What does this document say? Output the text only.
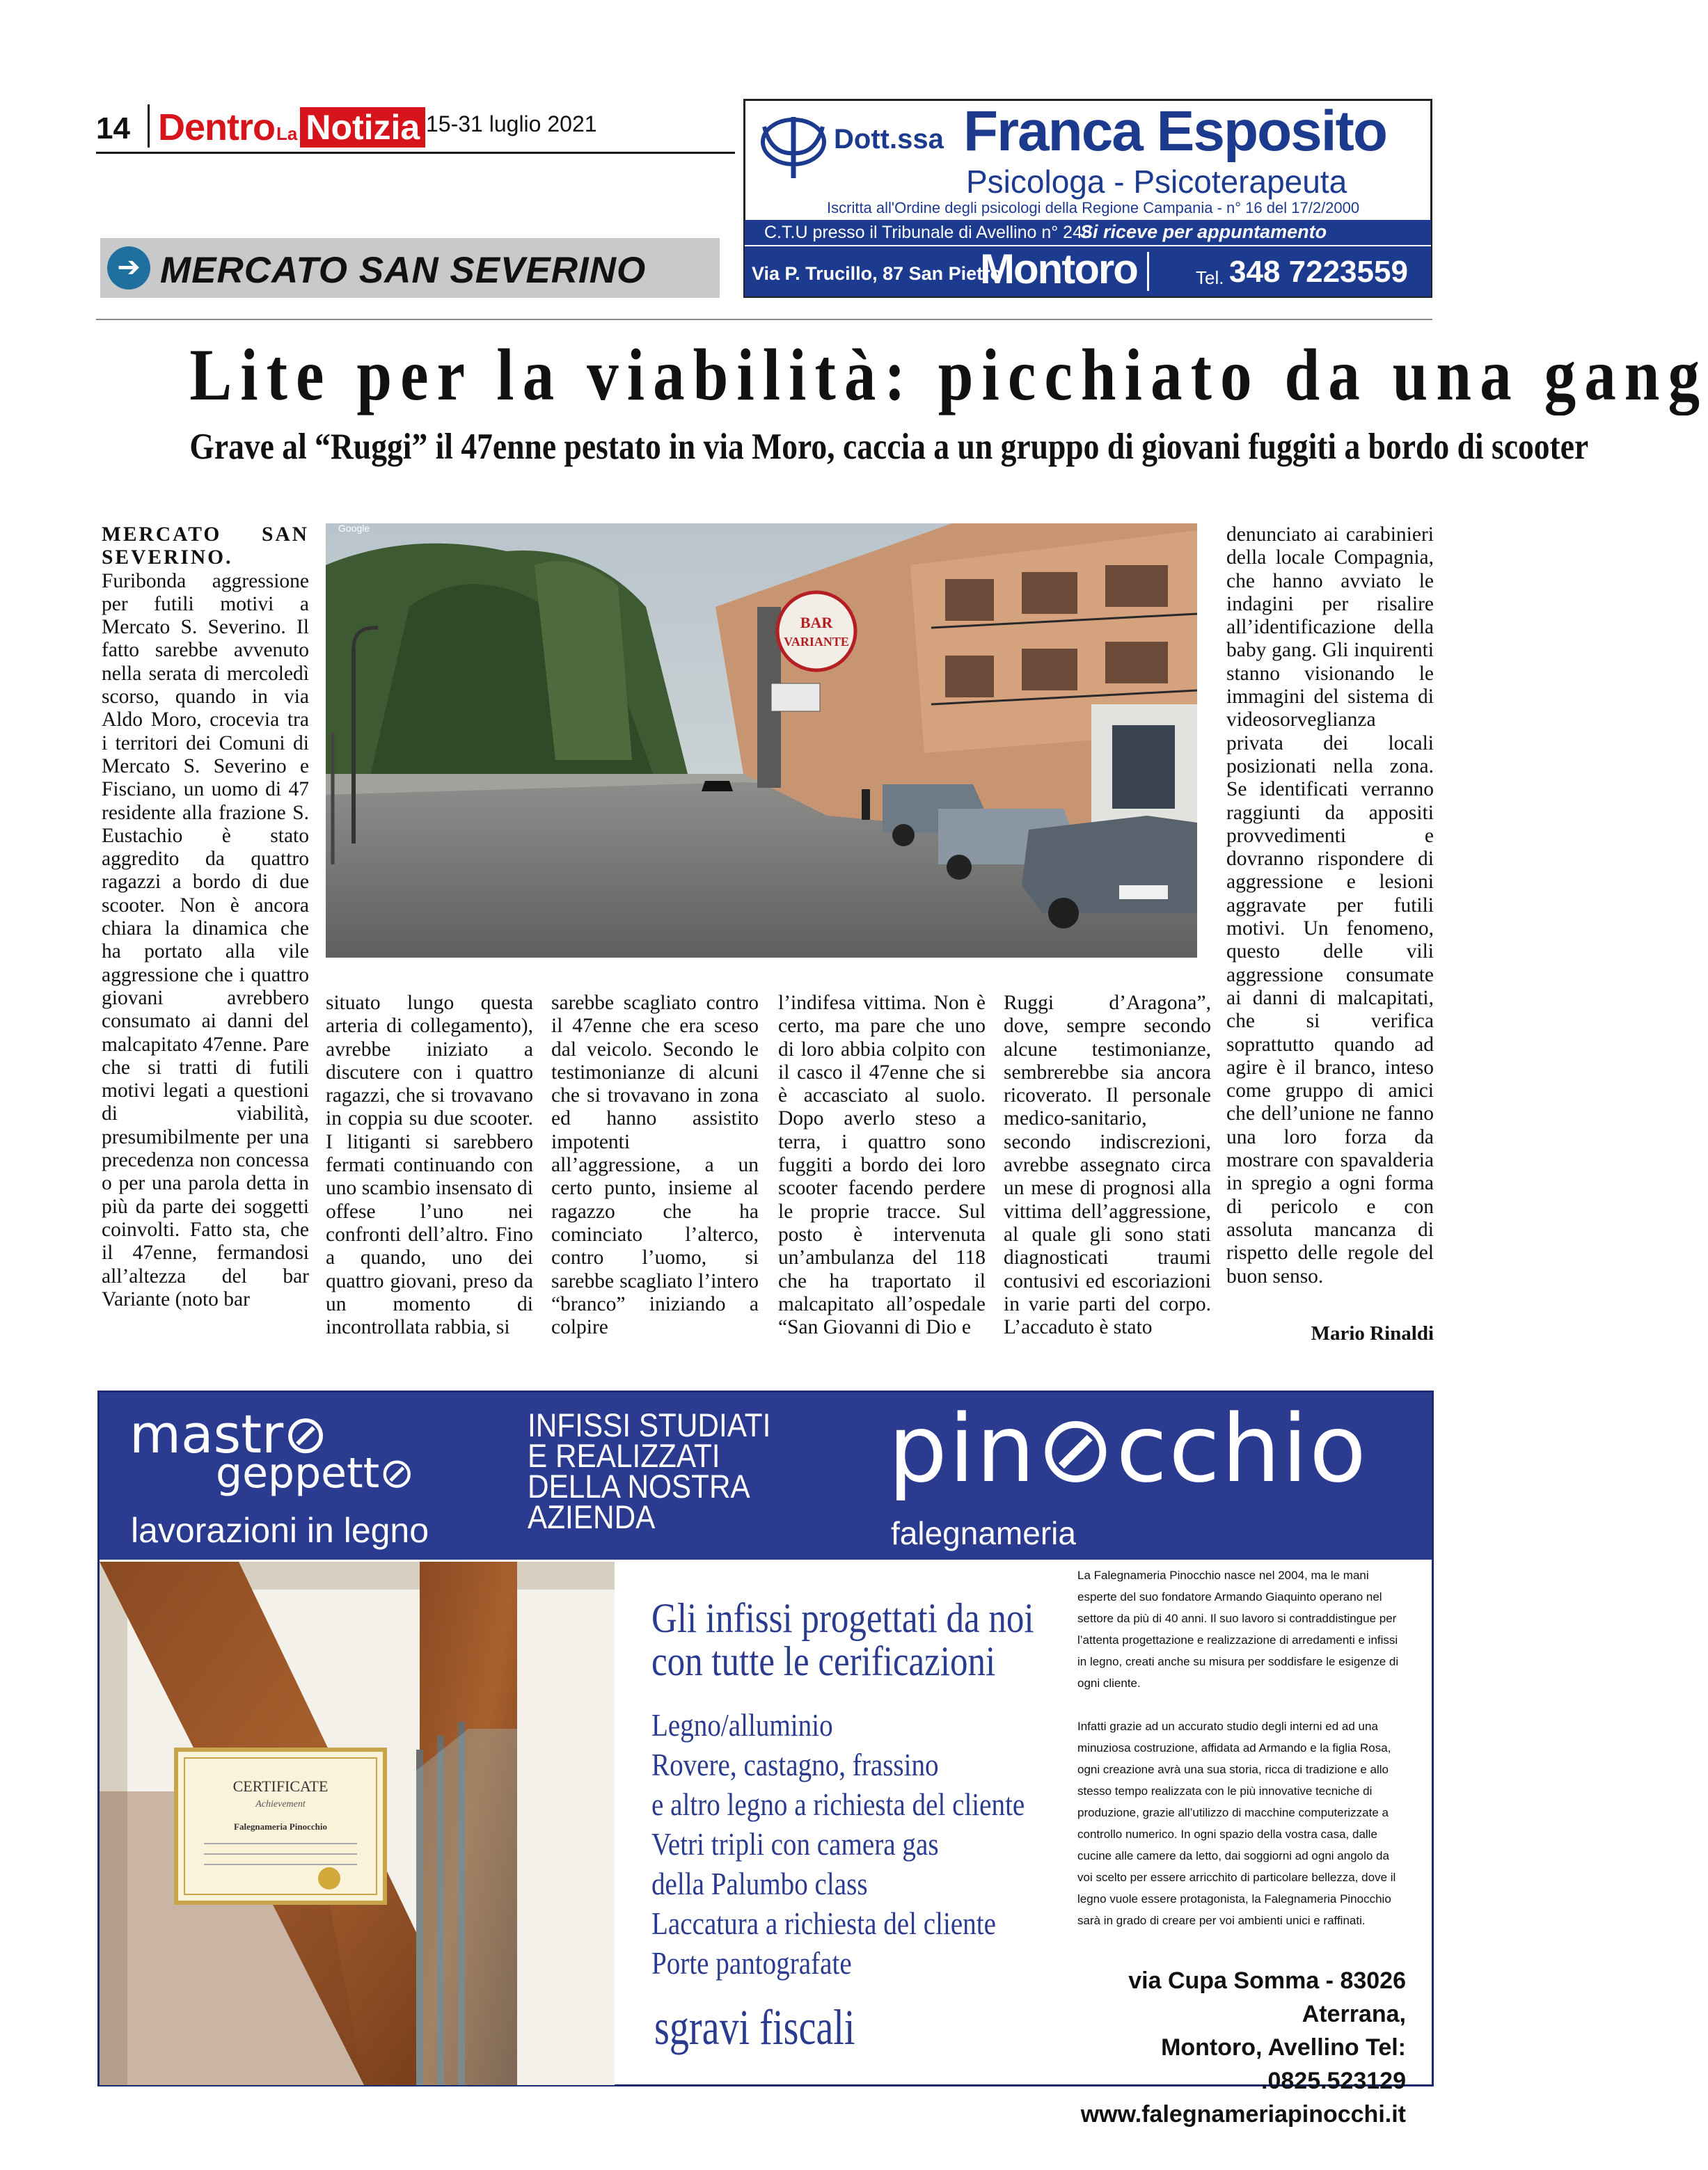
14 Dentro La Notizia 15-31 luglio 2021
➔ MERCATO SAN SEVERINO
Dott.ssa Franca Esposito
Psicologa - Psicoterapeuta
Iscritta all'Ordine degli psicologi della Regione Campania - n° 16 del 17/2/2000
C.T.U presso il Tribunale di Avellino n° 248
Si riceve per appuntamento
Via P. Trucillo, 87 San Pietro
Montoro	Tel. 348 7223559
Lite per la viabilità: picchiato da una gang
Grave al “Ruggi” il 47enne pestato in via Moro, caccia a un gruppo di giovani fuggiti a bordo di scooter
BAR
VARIANTE
Google
MERCATO SAN SEVERINO. Furibonda aggressione per futili motivi a Mercato S. Severino. Il fatto sarebbe avvenuto nella serata di mercoledì scorso, quando in via Aldo Moro, crocevia tra i territori dei Comuni di Mercato S. Severino e Fisciano, un uomo di 47 residente alla frazione S. Eustachio è stato aggredito da quattro ragazzi a bordo di due scooter. Non è ancora chiara la dinamica che ha portato alla vile aggressione che i quattro giovani avrebbero consumato ai danni del malcapitato 47enne. Pare che si tratti di futili motivi legati a questioni di viabilità, presumibilmente per una precedenza non concessa o per una parola detta in più da parte dei soggetti coinvolti. Fatto sta, che il 47enne, fermandosi all’altezza del bar Variante (noto bar
situato lungo questa arteria di collegamento), avrebbe iniziato a discutere con i quattro ragazzi, che si trovavano in coppia su due scooter. I litiganti si sarebbero fermati continuando con uno scambio insensato di offese l’uno nei confronti dell’altro. Fino a quando, uno dei quattro giovani, preso da un momento di incontrollata rabbia, si
sarebbe scagliato contro il 47enne che era sceso dal veicolo. Secondo le testimonianze di alcuni che si trovavano in zona ed hanno assistito impotenti all’aggressione, a un certo punto, insieme al ragazzo che ha cominciato l’alterco, contro l’uomo, si sarebbe scagliato l’intero “branco” iniziando a colpire
l’indifesa vittima. Non è certo, ma pare che uno di loro abbia colpito con il casco il 47enne che si è accasciato al suolo. Dopo averlo steso a terra, i quattro sono fuggiti a bordo dei loro scooter facendo perdere le proprie tracce. Sul posto è intervenuta un’ambulanza del 118 che ha traportato il malcapitato all’ospedale “San Giovanni di Dio e
Ruggi d’Aragona”, dove, sempre secondo alcune testimonianze, sembrerebbe sia ancora ricoverato. Il personale medico-sanitario, secondo indiscrezioni, avrebbe assegnato circa un mese di prognosi alla vittima dell’aggressione, al quale gli sono stati diagnosticati traumi contusivi ed escoriazioni in varie parti del corpo. L’accaduto è stato
denunciato ai carabinieri della locale Compagnia, che hanno avviato le indagini per risalire all’identificazione della baby gang. Gli inquirenti stanno visionando le immagini del sistema di videosorveglianza privata dei locali posizionati nella zona. Se identificati verranno raggiunti da appositi provvedimenti e dovranno rispondere di aggressione e lesioni aggravate per futili motivi. Un fenomeno, questo delle vili aggressione consumate ai danni di malcapitati, che si verifica soprattutto quando ad agire è il branco, inteso come gruppo di amici che dell’unione ne fanno una loro forza da mostrare con spavalderia in spregio a ogni forma di pericolo e con assoluta mancanza di rispetto delle regole del buon senso.
Mario Rinaldi
mastr⊘
geppett⊘
lavorazioni in legno
INFISSI STUDIATI E REALIZZATI DELLA NOSTRA AZIENDA
pin⊘cchio
falegnameria
CERTIFICATE
Achievement
Falegnameria Pinocchio
Gli infissi progettati da noi con tutte le cerificazioni
Legno/alluminio
Rovere, castagno, frassino
e altro legno a richiesta del cliente
Vetri tripli con camera gas
della Palumbo class
Laccatura a richiesta del cliente
Porte pantografate
sgravi fiscali

La Falegnameria Pinocchio nasce nel 2004, ma le mani esperte del suo fondatore Armando Giaquinto operano nel settore da più di 40 anni. Il suo lavoro si contraddistingue per l’attenta progettazione e realizzazione di arredamenti e infissi in legno, creati anche su misura per soddisfare le esigenze di ogni cliente.

Infatti grazie ad un accurato studio degli interni ed ad una minuziosa costruzione, affidata ad Armando e la figlia Rosa, ogni creazione avrà una sua storia, ricca di tradizione e allo stesso tempo realizzata con le più innovative tecniche di produzione, grazie all’utilizzo di macchine computerizzate a controllo numerico. In ogni spazio della vostra casa, dalle cucine alle camere da letto, dai soggiorni ad ogni angolo da voi scelto per essere arricchito di particolare bellezza, dove il legno vuole essere protagonista, la Falegnameria Pinocchio sarà in grado di creare per voi ambienti unici e raffinati.

via Cupa Somma - 83026 Aterrana,
Montoro, Avellino Tel: .0825.523129
www.falegnameriapinocchi.it
